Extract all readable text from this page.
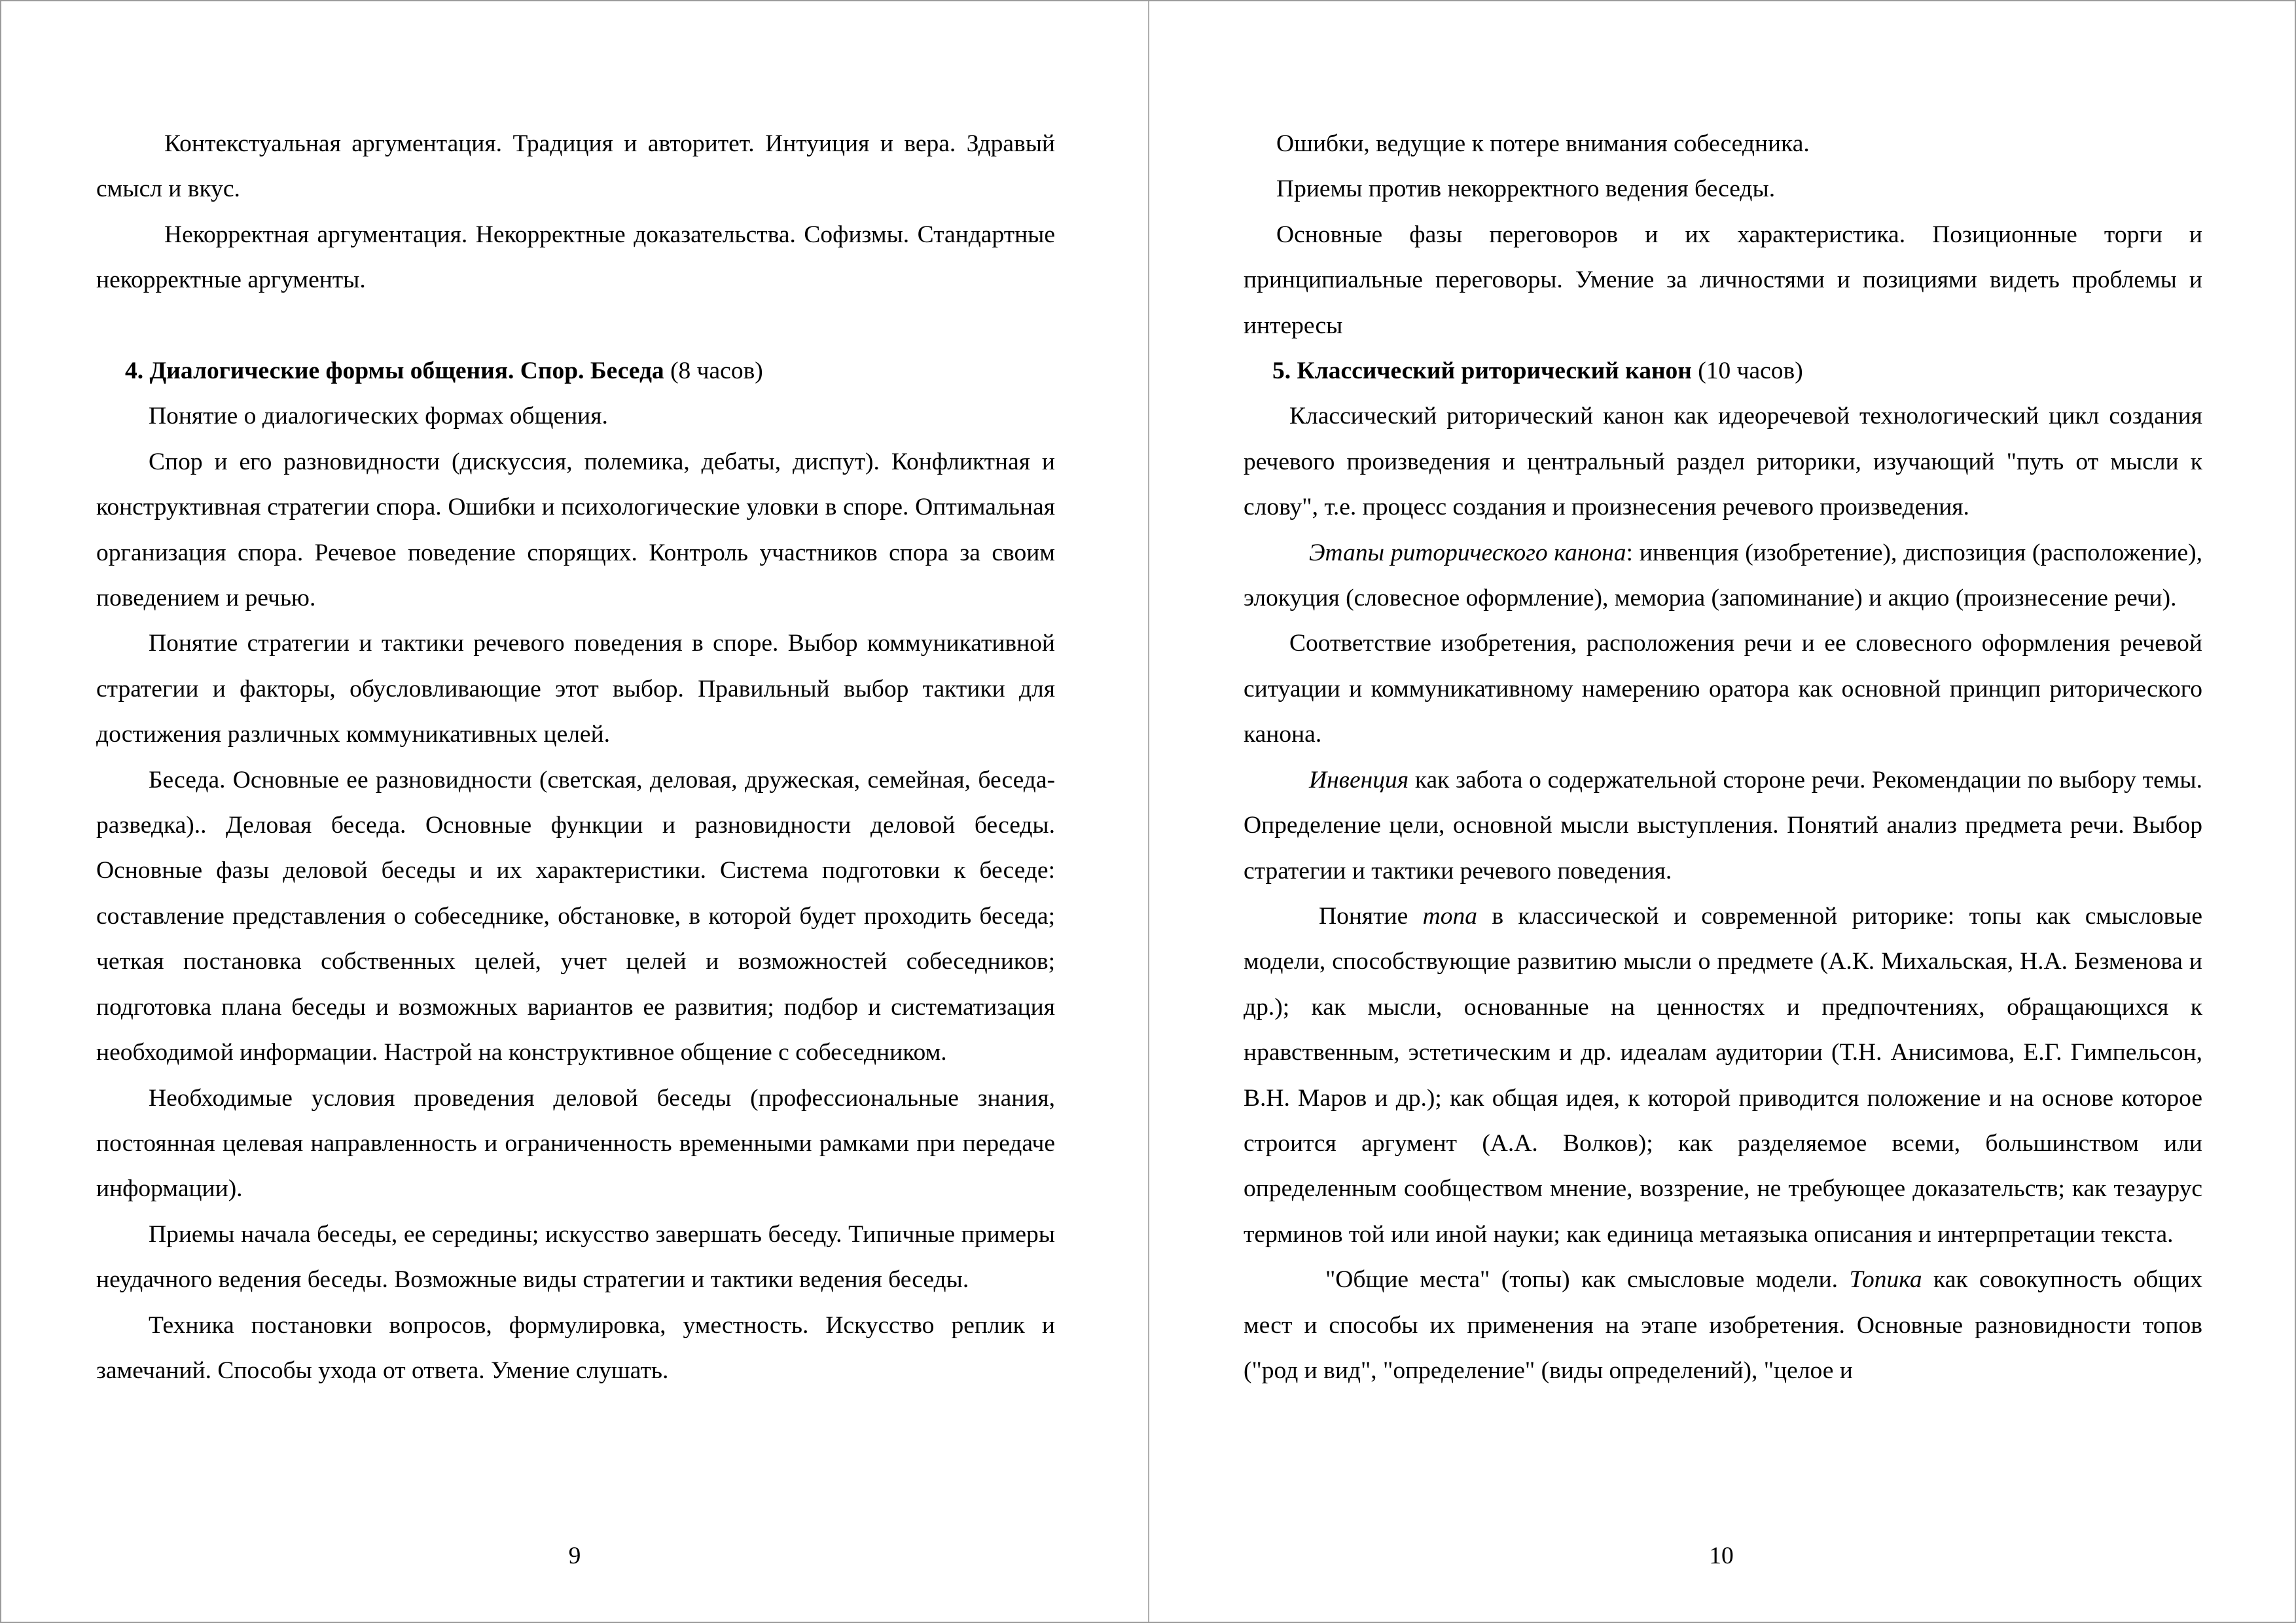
Контекстуальная аргументация. Традиция и авторитет. Интуиция и вера. Здравый смысл и вкус.

Некорректная аргументация. Некорректные доказательства. Софизмы. Стандартные некорректные аргументы.

4. Диалогические формы общения. Спор. Беседа (8 часов)

Понятие о диалогических формах общения.

Спор и его разновидности (дискуссия, полемика, дебаты, диспут). Конфликтная и конструктивная стратегии спора. Ошибки и психологические уловки в споре. Оптимальная организация спора. Речевое поведение спорящих. Контроль участников спора за своим поведением и речью.

Понятие стратегии и тактики речевого поведения в споре. Выбор коммуникативной стратегии и факторы, обусловливающие этот выбор. Правильный выбор тактики для достижения различных коммуникативных целей.

Беседа. Основные ее разновидности (светская, деловая, дружеская, семейная, беседа-разведка).. Деловая беседа. Основные функции и разновидности деловой беседы. Основные фазы деловой беседы и их характеристики. Система подготовки к беседе: составление представления о собеседнике, обстановке, в которой будет проходить беседа; четкая постановка собственных целей, учет целей и возможностей собеседников; подготовка плана беседы и возможных вариантов ее развития; подбор и систематизация необходимой информации. Настрой на конструктивное общение с собеседником.

Необходимые условия проведения деловой беседы (профессиональные знания, постоянная целевая направленность и ограниченность временными рамками при передаче информации).

Приемы начала беседы, ее середины; искусство завершать беседу. Типичные примеры неудачного ведения беседы. Возможные виды стратегии и тактики ведения беседы.

Техника постановки вопросов, формулировка, уместность. Искусство реплик и замечаний. Способы ухода от ответа. Умение слушать.

9

Ошибки, ведущие к потере внимания собеседника.

Приемы против некорректного ведения беседы.

Основные фазы переговоров и их характеристика. Позиционные торги и принципиальные переговоры. Умение за личностями и позициями видеть проблемы и интересы

5. Классический риторический канон (10 часов)

Классический риторический канон как идеоречевой технологический цикл создания речевого произведения и центральный раздел риторики, изучающий "путь от мысли к слову", т.е. процесс создания и произнесения речевого произведения.

Этапы риторического канона: инвенция (изобретение), диспозиция (расположение), элокуция (словесное оформление), мемориа (запоминание) и акцио (произнесение речи).

Соответствие изобретения, расположения речи и ее словесного оформления речевой ситуации и коммуникативному намерению оратора как основной принцип риторического канона.

Инвенция как забота о содержательной стороне речи. Рекомендации по выбору темы. Определение цели, основной мысли выступления. Понятий анализ предмета речи. Выбор стратегии и тактики речевого поведения.

Понятие топа в классической и современной риторике: топы как смысловые модели, способствующие развитию мысли о предмете (А.К. Михальская, Н.А. Безменова и др.); как мысли, основанные на ценностях и предпочтениях, обращающихся к нравственным, эстетическим и др. идеалам аудитории (Т.Н. Анисимова, Е.Г. Гимпельсон, В.Н. Маров и др.); как общая идея, к которой приводится положение и на основе которое строится аргумент (А.А. Волков); как разделяемое всеми, большинством или определенным сообществом мнение, воззрение, не требующее доказательств; как тезаурус терминов той или иной науки; как единица метаязыка описания и интерпретации текста.

"Общие места" (топы) как смысловые модели. Топика как совокупность общих мест и способы их применения на этапе изобретения. Основные разновидности топов ("род и вид", "определение" (виды определений), "целое и

10
